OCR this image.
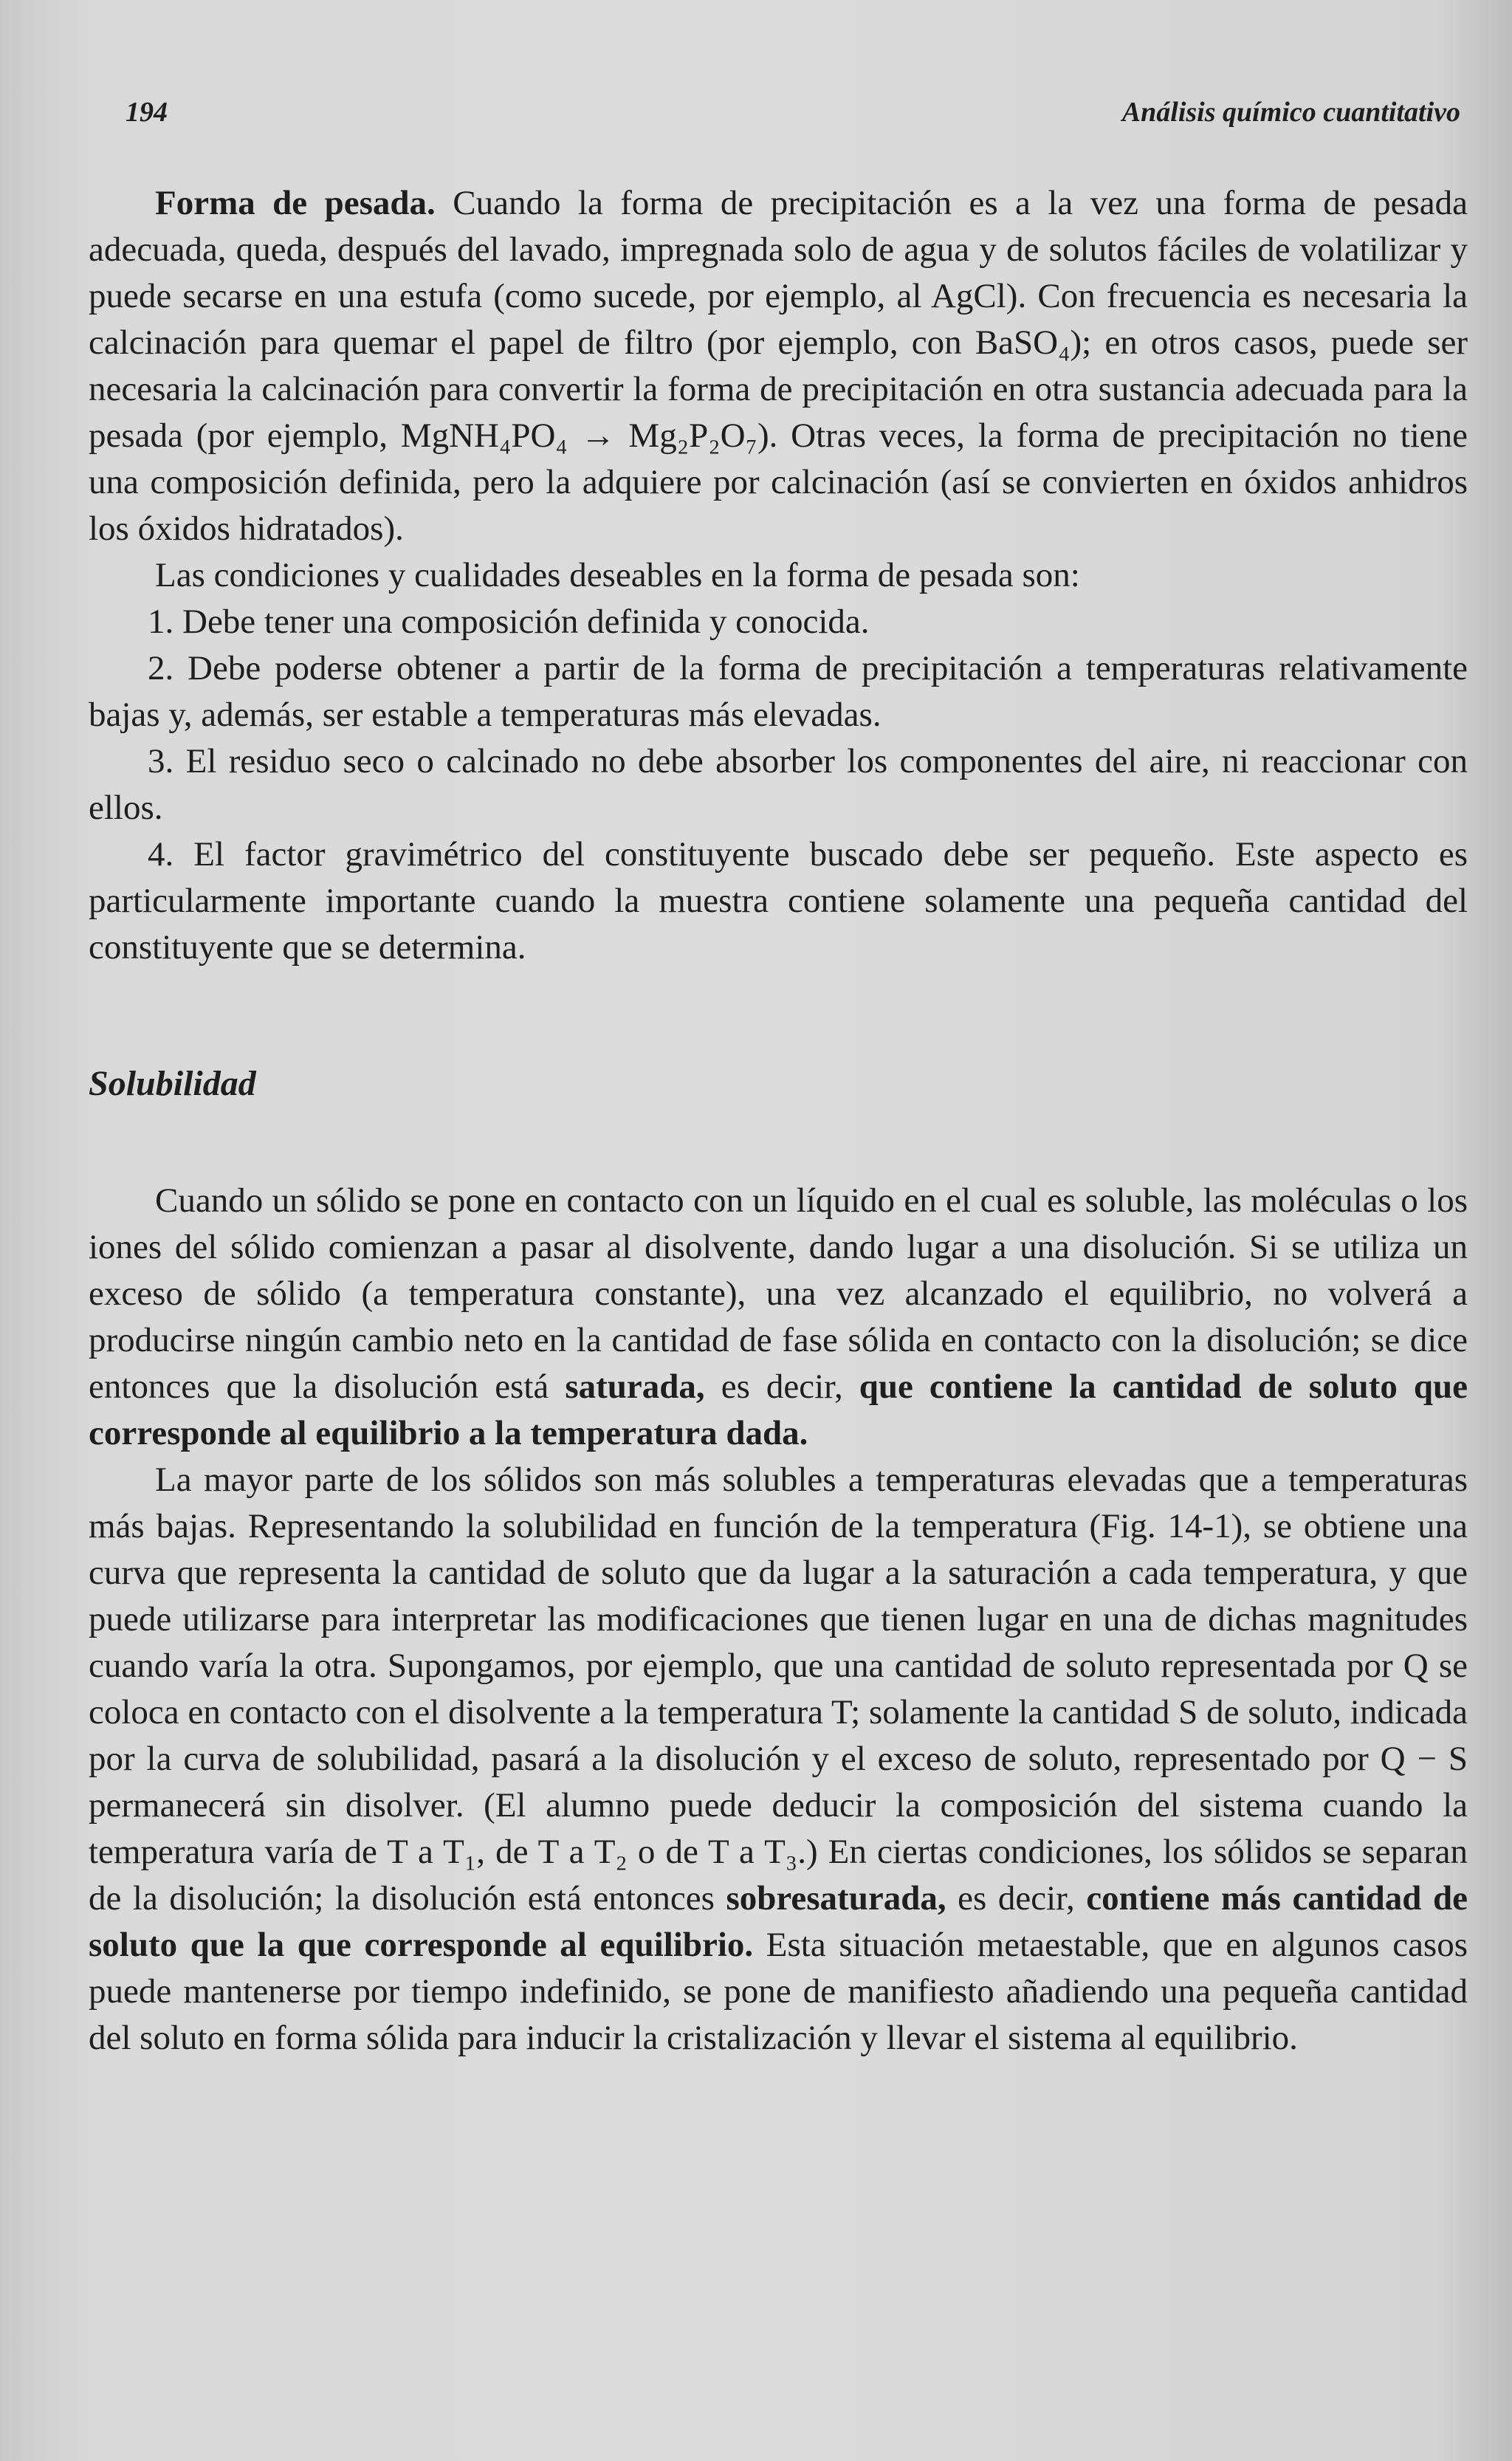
194	Análisis químico cuantitativo

Forma de pesada. Cuando la forma de precipitación es a la vez una forma de pesada adecuada, queda, después del lavado, impregnada solo de agua y de solutos fáciles de volatilizar y puede secarse en una estufa (como sucede, por ejemplo, al AgCl). Con frecuencia es necesaria la calcinación para quemar el papel de filtro (por ejemplo, con BaSO₄); en otros casos, puede ser necesaria la calcinación para convertir la forma de precipitación en otra sustancia adecuada para la pesada (por ejemplo, MgNH₄PO₄ → Mg₂P₂O₇). Otras veces, la forma de precipitación no tiene una composición definida, pero la adquiere por calcinación (así se convierten en óxidos anhidros los óxidos hidratados).

Las condiciones y cualidades deseables en la forma de pesada son:

1. Debe tener una composición definida y conocida.

2. Debe poderse obtener a partir de la forma de precipitación a temperaturas relativamente bajas y, además, ser estable a temperaturas más elevadas.

3. El residuo seco o calcinado no debe absorber los componentes del aire, ni reaccionar con ellos.

4. El factor gravimétrico del constituyente buscado debe ser pequeño. Este aspecto es particularmente importante cuando la muestra contiene solamente una pequeña cantidad del constituyente que se determina.

Solubilidad

Cuando un sólido se pone en contacto con un líquido en el cual es soluble, las moléculas o los iones del sólido comienzan a pasar al disolvente, dando lugar a una disolución. Si se utiliza un exceso de sólido (a temperatura constante), una vez alcanzado el equilibrio, no volverá a producirse ningún cambio neto en la cantidad de fase sólida en contacto con la disolución; se dice entonces que la disolución está saturada, es decir, que contiene la cantidad de soluto que corresponde al equilibrio a la temperatura dada.

La mayor parte de los sólidos son más solubles a temperaturas elevadas que a temperaturas más bajas. Representando la solubilidad en función de la temperatura (Fig. 14-1), se obtiene una curva que representa la cantidad de soluto que da lugar a la saturación a cada temperatura, y que puede utilizarse para interpretar las modificaciones que tienen lugar en una de dichas magnitudes cuando varía la otra. Supongamos, por ejemplo, que una cantidad de soluto representada por Q se coloca en contacto con el disolvente a la temperatura T; solamente la cantidad S de soluto, indicada por la curva de solubilidad, pasará a la disolución y el exceso de soluto, representado por Q − S permanecerá sin disolver. (El alumno puede deducir la composición del sistema cuando la temperatura varía de T a T₁, de T a T₂ o de T a T₃.) En ciertas condiciones, los sólidos se separan de la disolución; la disolución está entonces sobresaturada, es decir, contiene más cantidad de soluto que la que corresponde al equilibrio. Esta situación metaestable, que en algunos casos puede mantenerse por tiempo indefinido, se pone de manifiesto añadiendo una pequeña cantidad del soluto en forma sólida para inducir la cristalización y llevar el sistema al equilibrio.
